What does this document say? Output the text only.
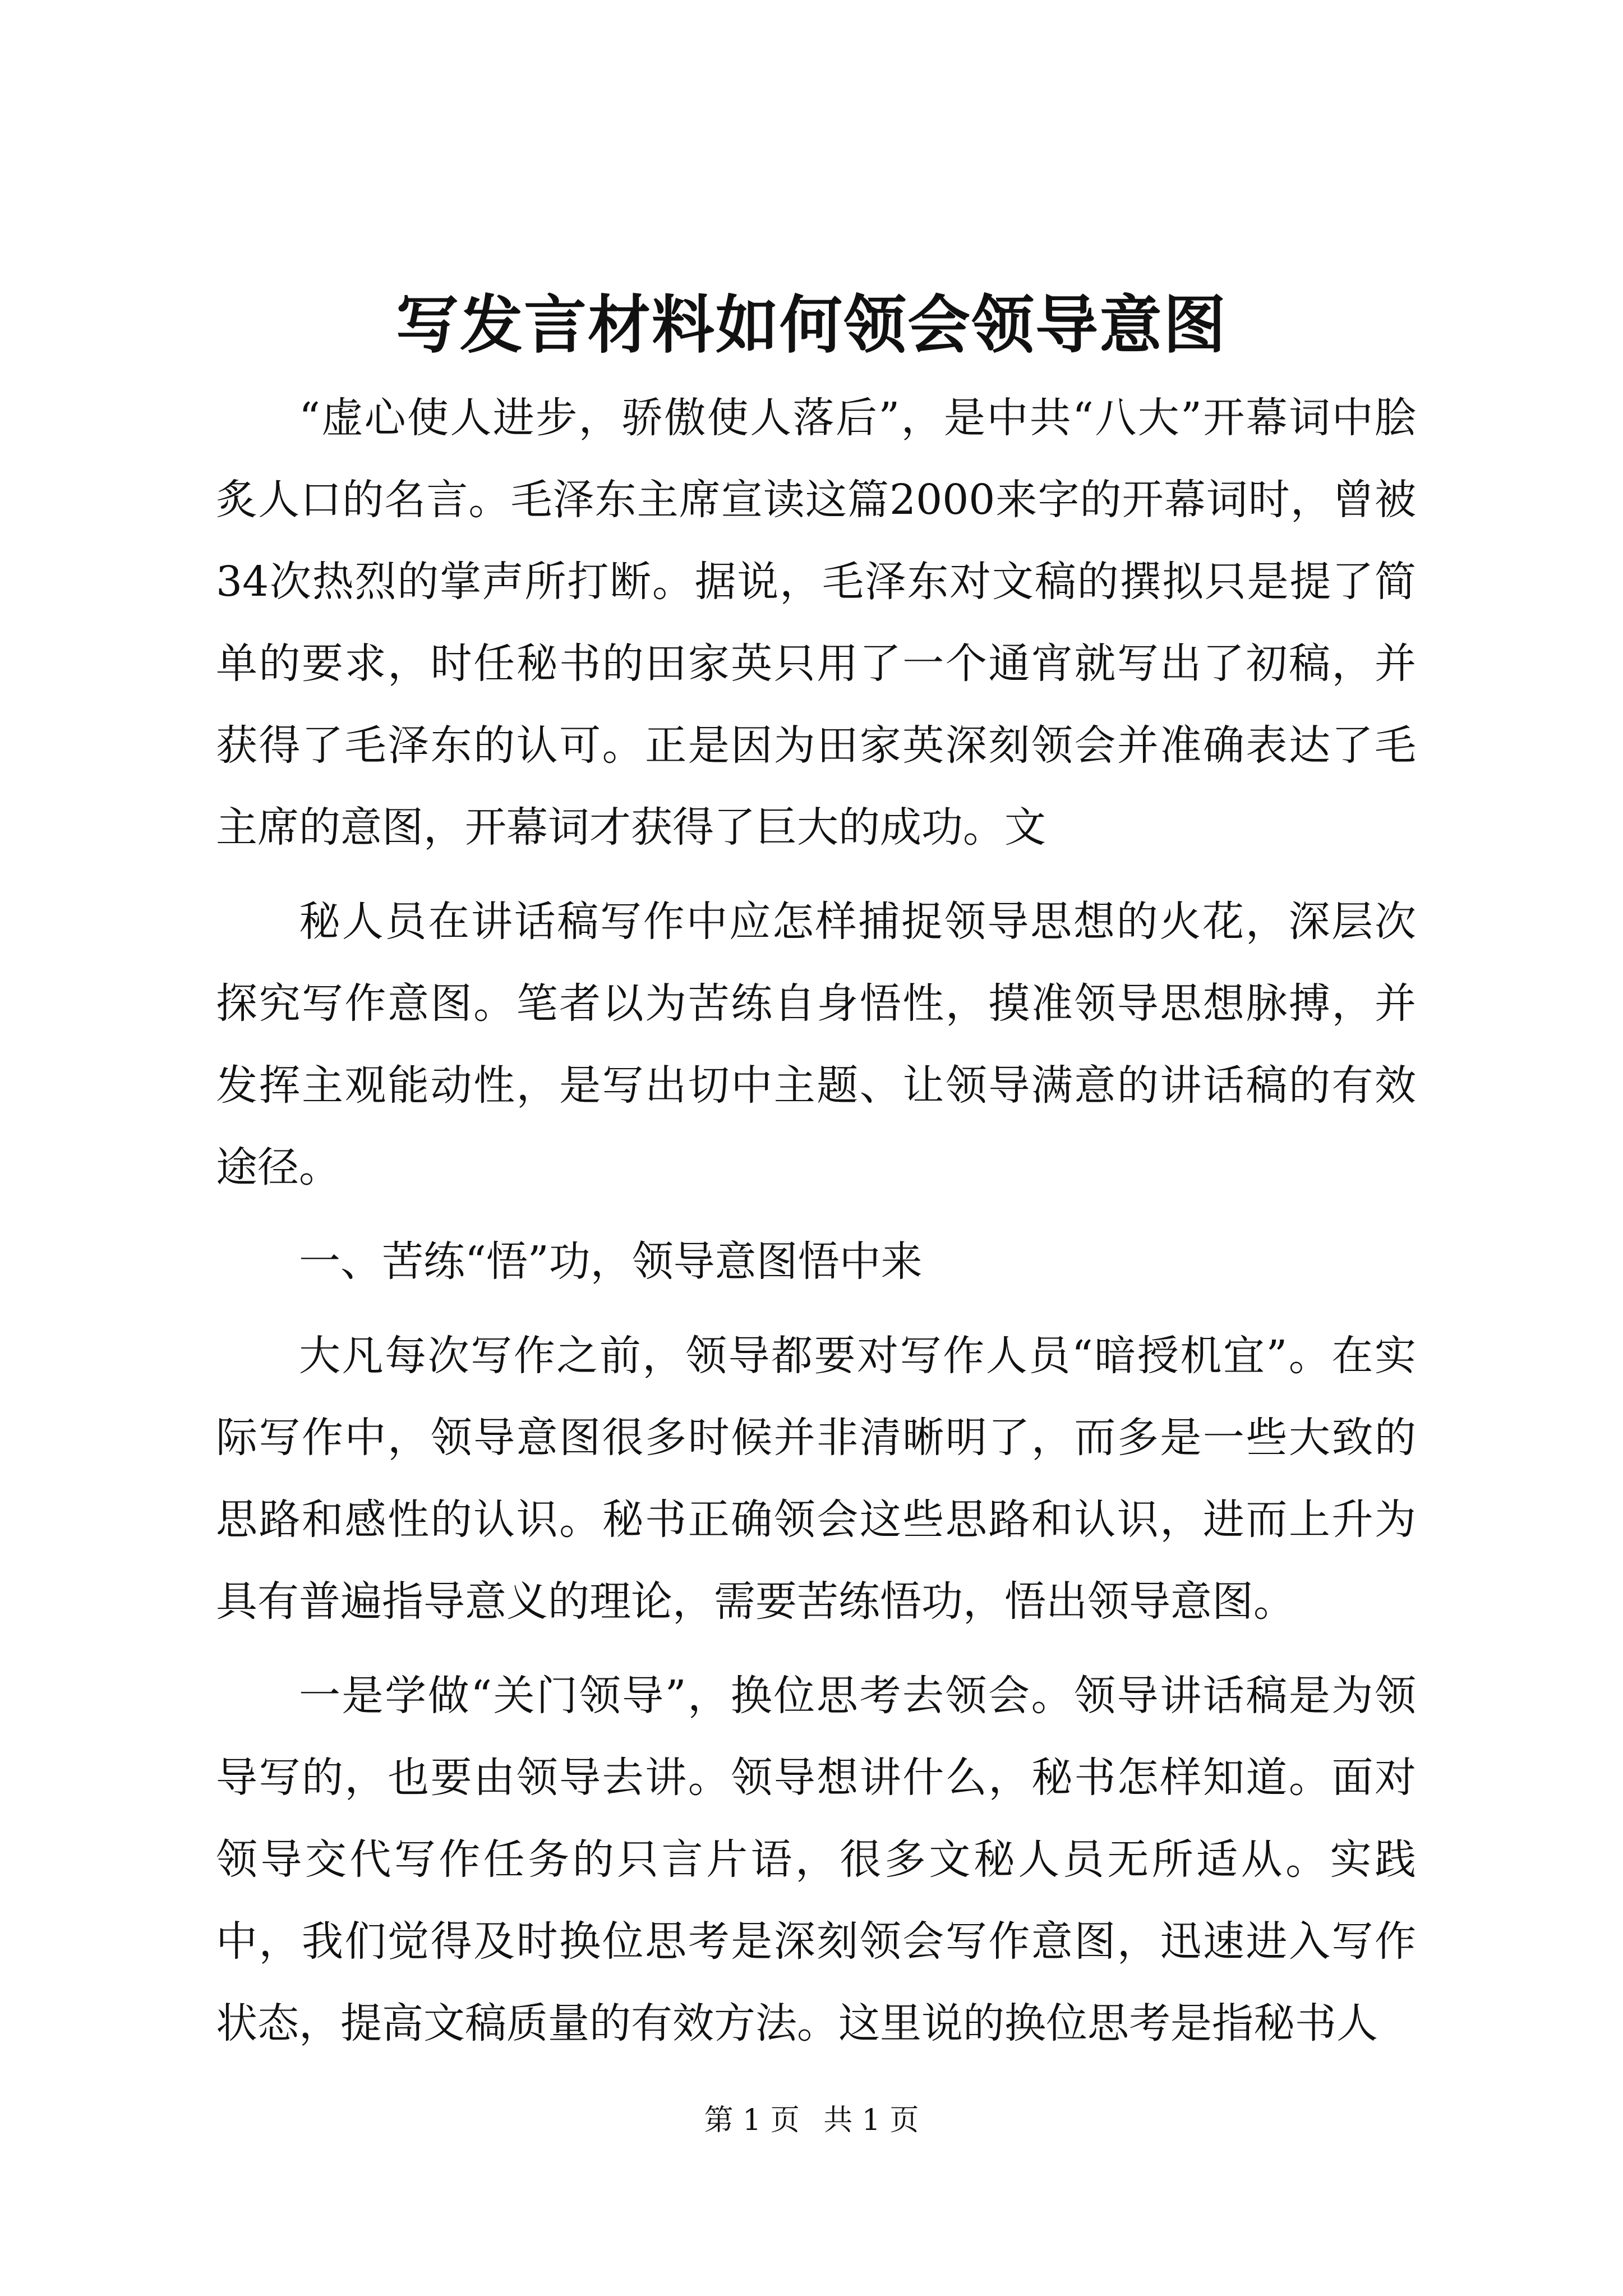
写发言材料如何领会领导意图

“虚心使人进步，骄傲使人落后”，是中共“八大”开幕词中脍炙人口的名言。毛泽东主席宣读这篇2000来字的开幕词时，曾被34次热烈的掌声所打断。据说，毛泽东对文稿的撰拟只是提了简单的要求，时任秘书的田家英只用了一个通宵就写出了初稿，并获得了毛泽东的认可。正是因为田家英深刻领会并准确表达了毛主席的意图，开幕词才获得了巨大的成功。文

秘人员在讲话稿写作中应怎样捕捉领导思想的火花，深层次探究写作意图。笔者以为苦练自身悟性，摸准领导思想脉搏，并发挥主观能动性，是写出切中主题、让领导满意的讲话稿的有效途径。

一、苦练“悟”功，领导意图悟中来

大凡每次写作之前，领导都要对写作人员“暗授机宜”。在实际写作中，领导意图很多时候并非清晰明了，而多是一些大致的思路和感性的认识。秘书正确领会这些思路和认识，进而上升为具有普遍指导意义的理论，需要苦练悟功，悟出领导意图。

一是学做“关门领导”，换位思考去领会。领导讲话稿是为领导写的，也要由领导去讲。领导想讲什么，秘书怎样知道。面对领导交代写作任务的只言片语，很多文秘人员无所适从。实践中，我们觉得及时换位思考是深刻领会写作意图，迅速进入写作状态，提高文稿质量的有效方法。这里说的换位思考是指秘书人

第 1 页 共 1 页
